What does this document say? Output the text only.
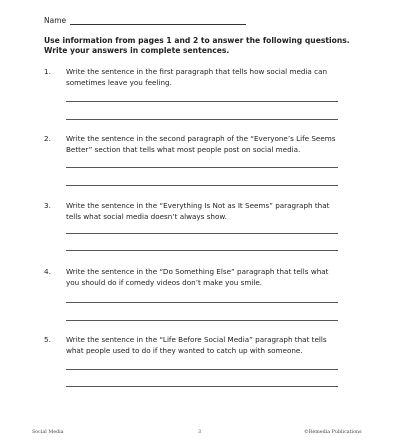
Name
Use information from pages 1 and 2 to answer the following questions.
Write your answers in complete sentences.
1. Write the sentence in the first paragraph that tells how social media can
sometimes leave you feeling.
2. Write the sentence in the second paragraph of the “Everyone’s Life Seems
Better” section that tells what most people post on social media.
3. Write the sentence in the “Everything Is Not as It Seems” paragraph that
tells what social media doesn’t always show.
4. Write the sentence in the “Do Something Else” paragraph that tells what
you should do if comedy videos don’t make you smile.
5. Write the sentence in the “Life Before Social Media” paragraph that tells
what people used to do if they wanted to catch up with someone.
Social Media	3	©Remedia Publications
